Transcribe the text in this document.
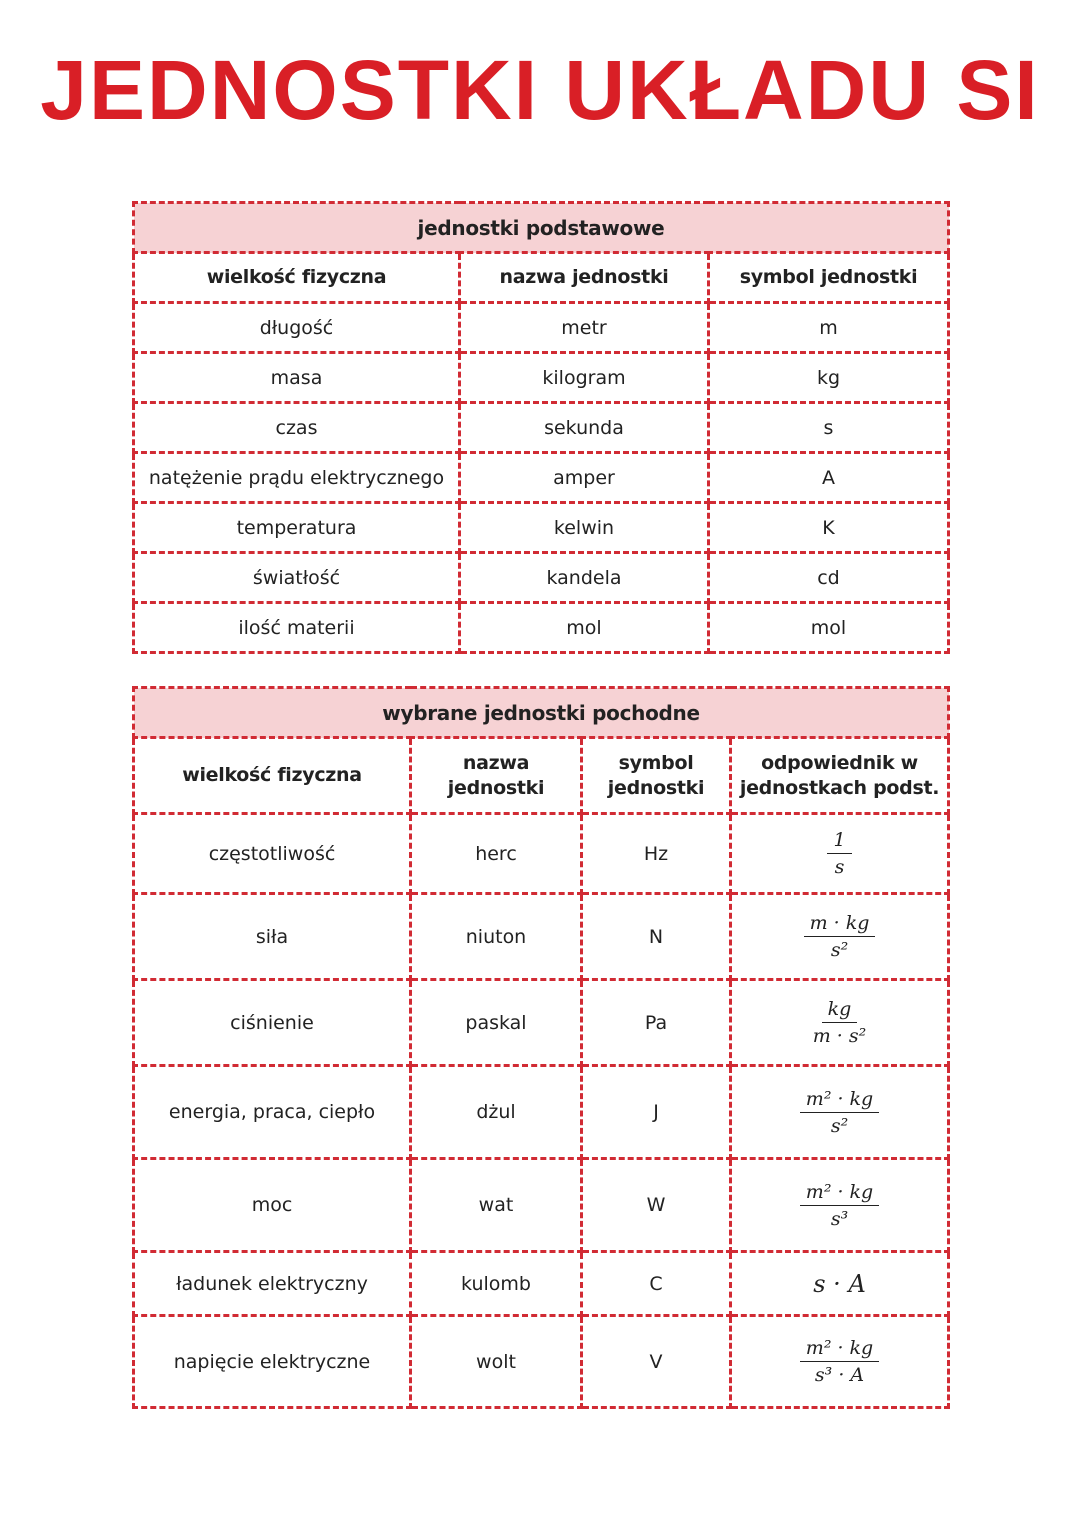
JEDNOSTKI UKŁADU SI
jednostki podstawowe		
wielkość fizyczna	nazwa jednostki	symbol jednostki
długość	metr	m
masa	kilogram	kg
czas	sekunda	s
natężenie prądu elektrycznego	amper	A
temperatura	kelwin	K
światłość	kandela	cd
ilość materii	mol	mol
wybrane jednostki pochodne			
wielkość fizyczna	nazwa jednostki	symbol jednostki	odpowiednik w jednostkach podst.
częstotliwość	herc	Hz	$\frac{1}{s}$

siła	niuton	N	$\frac{m \cdot kg}{\text{s²}}$

ciśnienie	paskal	Pa	$\frac{kg}{\text{m · s²}}$

energia, praca, ciepło	dżul	J	$\frac{\text{m² · kg}}{\text{s²}}$

moc	wat	W	$\frac{\text{m² · kg}}{\text{s³}}$

ładunek elektryczny	kulomb	C	s · A
napięcie elektryczne	wolt	V	$\frac{\text{m² · kg}}{\text{s³ · A}}$
